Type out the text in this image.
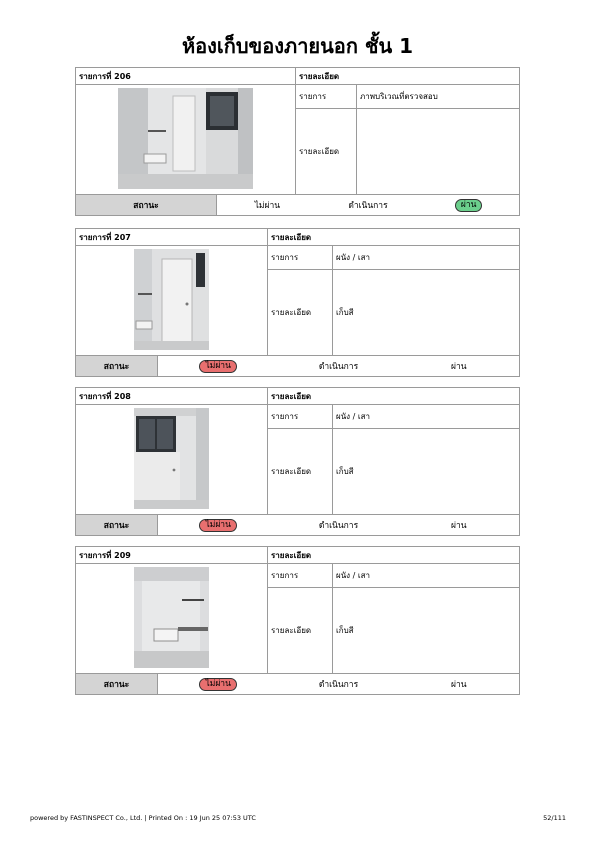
ห้องเก็บของภายนอก ชั้น 1
รายการที่ 206	รายละเอียด	
	รายการ	ภาพบริเวณที่ตรวจสอบ
	รายละเอียด	
สถานะ	ไม่ผ่าน	ดำเนินการ	ผ่าน
รายการที่ 207	รายละเอียด	
	รายการ	ผนัง / เสา
	รายละเอียด	เก็บสี
สถานะ	ไม่ผ่าน	ดำเนินการ	ผ่าน
รายการที่ 208	รายละเอียด	
	รายการ	ผนัง / เสา
	รายละเอียด	เก็บสี
สถานะ	ไม่ผ่าน	ดำเนินการ	ผ่าน
รายการที่ 209	รายละเอียด	
	รายการ	ผนัง / เสา
	รายละเอียด	เก็บสี
สถานะ	ไม่ผ่าน	ดำเนินการ	ผ่าน
powered by FASTINSPECT Co., Ltd. | Printed On : 19 Jun 25 07:53 UTC	52/111
